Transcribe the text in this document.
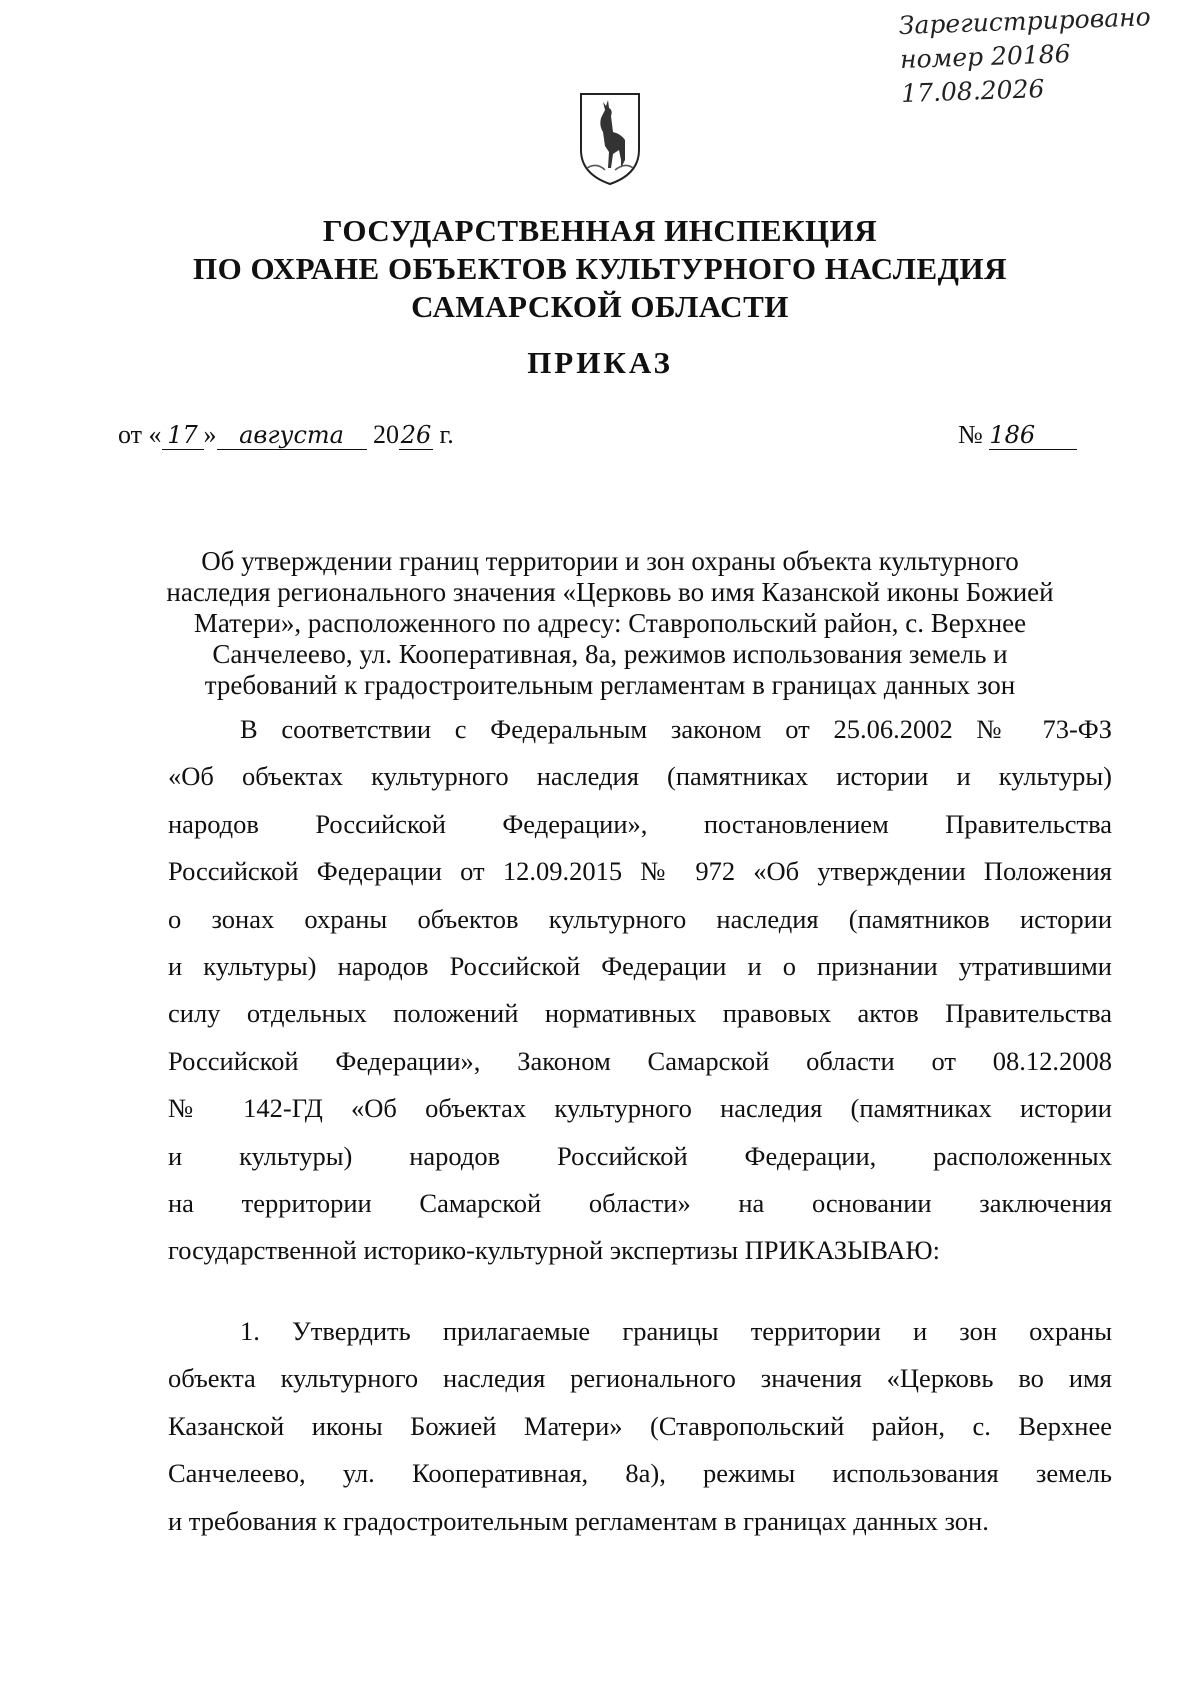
Зарегистрировано
номер 20186
17.08.2026
ГОСУДАРСТВЕННАЯ ИНСПЕКЦИЯ
ПО ОХРАНЕ ОБЪЕКТОВ КУЛЬТУРНОГО НАСЛЕДИЯ
САМАРСКОЙ ОБЛАСТИ
ПРИКАЗ
от « 17 » августа 2026 г.	№ 186
Об утверждении границ территории и зон охраны объекта культурного
наследия регионального значения «Церковь во имя Казанской иконы Божией
Матери», расположенного по адресу: Ставропольский район, с. Верхнее
Санчелеево, ул. Кооперативная, 8а, режимов использования земель и
требований к градостроительным регламентам в границах данных зон
В соответствии с Федеральным законом от 25.06.2002 № 73-ФЗ
«Об объектах культурного наследия (памятниках истории и культуры)
народов Российской Федерации», постановлением Правительства
Российской Федерации от 12.09.2015 № 972 «Об утверждении Положения
о зонах охраны объектов культурного наследия (памятников истории
и культуры) народов Российской Федерации и о признании утратившими
силу отдельных положений нормативных правовых актов Правительства
Российской Федерации», Законом Самарской области от 08.12.2008
№ 142-ГД «Об объектах культурного наследия (памятниках истории
и культуры) народов Российской Федерации, расположенных
на территории Самарской области» на основании заключения
государственной историко-культурной экспертизы ПРИКАЗЫВАЮ:
1. Утвердить прилагаемые границы территории и зон охраны
объекта культурного наследия регионального значения «Церковь во имя
Казанской иконы Божией Матери» (Ставропольский район, с. Верхнее
Санчелеево, ул. Кооперативная, 8а), режимы использования земель
и требования к градостроительным регламентам в границах данных зон.
